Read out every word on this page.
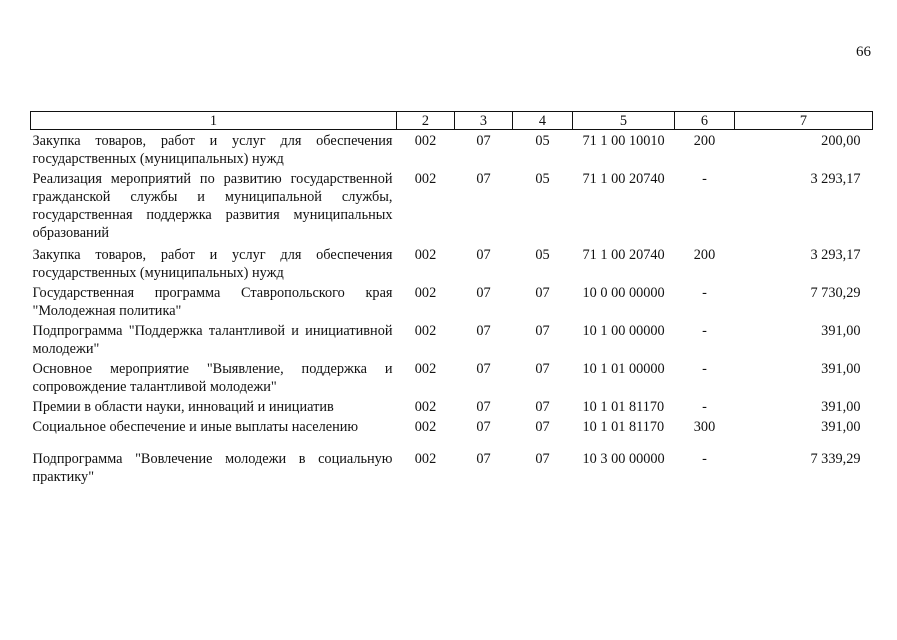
66
1	2	3	4	5	6	7
Закупка товаров, работ и услуг для обеспечения государственных (муниципальных) нужд	002	07	05	71 1 00 10010	200	200,00
Реализация мероприятий по развитию государственной гражданской службы и муниципальной службы, государственная поддержка развития муниципальных образований	002	07	05	71 1 00 20740	-	3 293,17
Закупка товаров, работ и услуг для обеспечения государственных (муниципальных) нужд	002	07	05	71 1 00 20740	200	3 293,17
Государственная программа Ставропольского края "Молодежная политика"	002	07	07	10 0 00 00000	-	7 730,29
Подпрограмма "Поддержка талантливой и инициативной молодежи"	002	07	07	10 1 00 00000	-	391,00
Основное мероприятие "Выявление, поддержка и сопровождение талантливой молодежи"	002	07	07	10 1 01 00000	-	391,00
Премии в области науки, инноваций и инициатив	002	07	07	10 1 01 81170	-	391,00
Социальное обеспечение и иные выплаты населению	002	07	07	10 1 01 81170	300	391,00
Подпрограмма "Вовлечение молодежи в социальную практику"	002	07	07	10 3 00 00000	-	7 339,29
